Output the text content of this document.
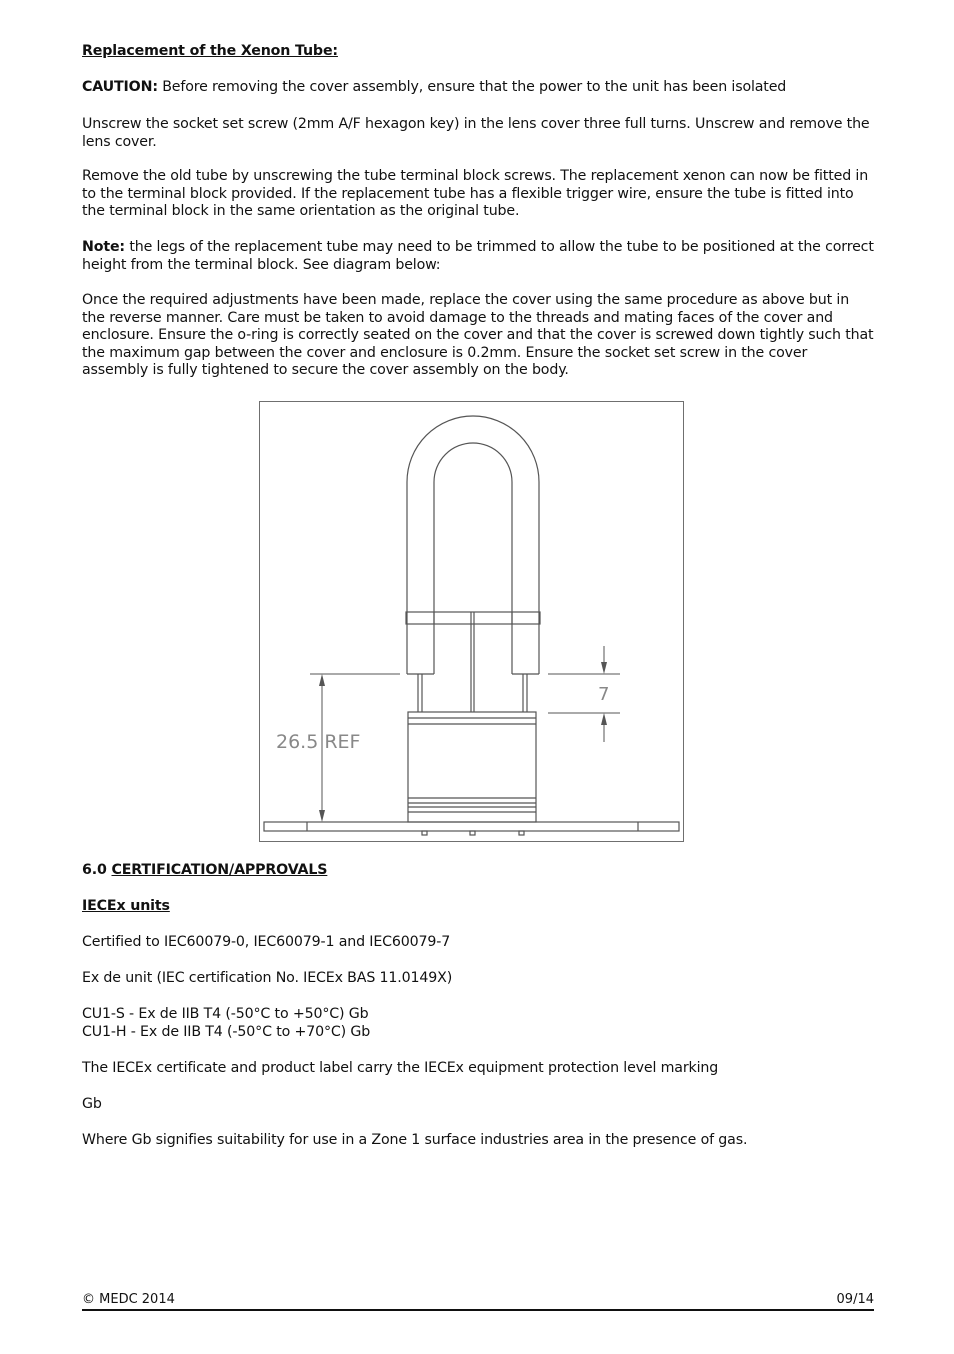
Replacement of the Xenon Tube:

CAUTION: Before removing the cover assembly, ensure that the power to the unit has been isolated

Unscrew the socket set screw (2mm A/F hexagon key) in the lens cover three full turns. Unscrew and remove the lens cover.

Remove the old tube by unscrewing the tube terminal block screws. The replacement xenon can now be fitted in to the terminal block provided. If the replacement tube has a flexible trigger wire, ensure the tube is fitted into the terminal block in the same orientation as the original tube.

Note: the legs of the replacement tube may need to be trimmed to allow the tube to be positioned at the correct height from the terminal block. See diagram below:

Once the required adjustments have been made, replace the cover using the same procedure as above but in the reverse manner. Care must be taken to avoid damage to the threads and mating faces of the cover and enclosure. Ensure the o-ring is correctly seated on the cover and that the cover is screwed down tightly such that the maximum gap between the cover and enclosure is 0.2mm. Ensure the socket set screw in the cover assembly is fully tightened to secure the cover assembly on the body.

6.0 CERTIFICATION/APPROVALS

IECEx units

Certified to IEC60079-0, IEC60079-1 and IEC60079-7

Ex de unit (IEC certification No. IECEx BAS 11.0149X)

CU1-S - Ex de IIB T4 (-50°C to +50°C) Gb

CU1-H - Ex de IIB T4 (-50°C to +70°C) Gb

The IECEx certificate and product label carry the IECEx equipment protection level marking

Gb

Where Gb signifies suitability for use in a Zone 1 surface industries area in the presence of gas.

26.5 REF
7
© MEDC 2014	09/14
